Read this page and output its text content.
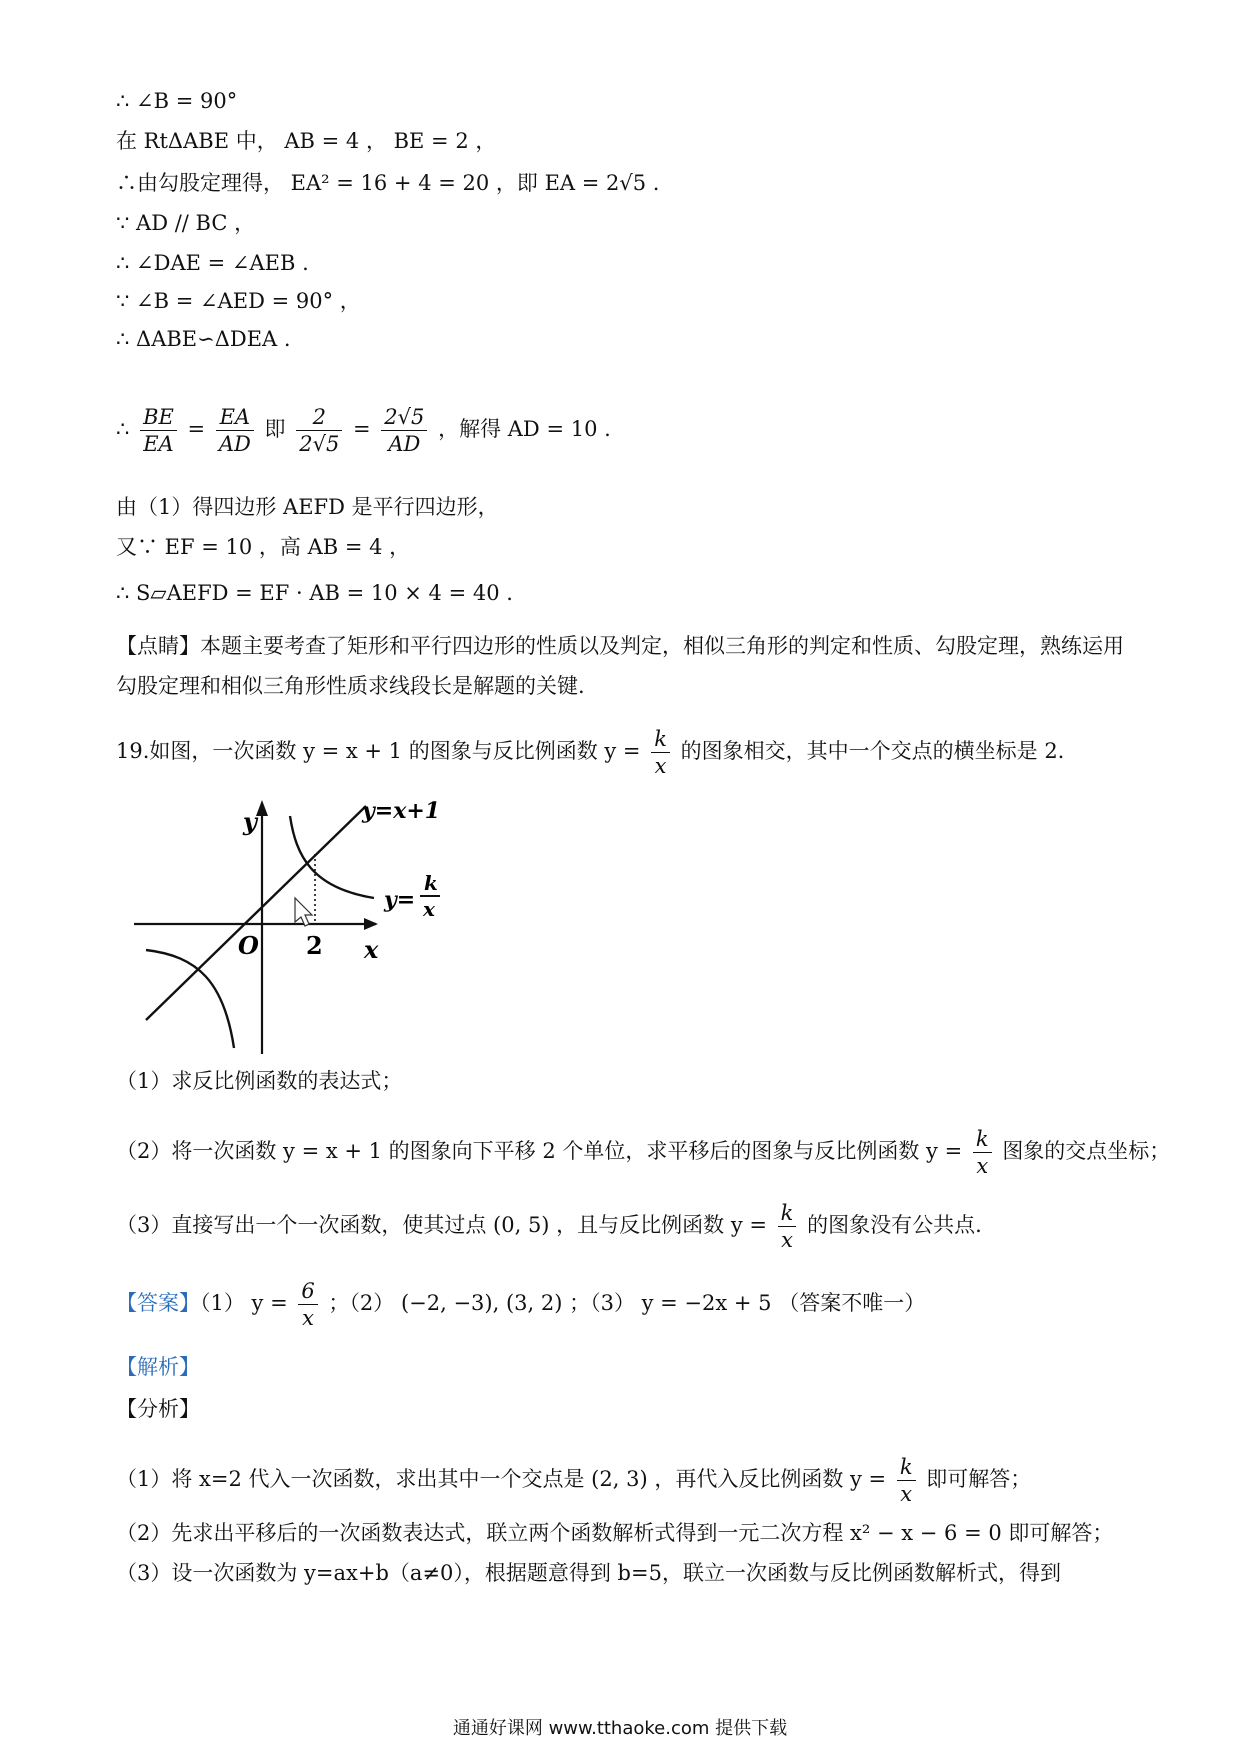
∴ ∠B = 90°
在 RtΔABE 中， AB = 4 ， BE = 2 ，
∴由勾股定理得， EA² = 16 + 4 = 20 ，即 EA = 2√5 .
∵ AD // BC ，
∴ ∠DAE = ∠AEB .
∵ ∠B = ∠AED = 90° ，
∴ ΔABE∽ΔDEA .
∴ $\frac{BE}{EA} = \frac{EA}{AD}$ 即 $\frac{2}{2√5} = \frac{2√5}{AD}$ ，解得 AD = 10 .
由（1）得四边形 AEFD 是平行四边形，
又∵ EF = 10 ，高 AB = 4 ，
∴ S▱AEFD = EF · AB = 10 × 4 = 40 .
【点睛】本题主要考查了矩形和平行四边形的性质以及判定，相似三角形的判定和性质、勾股定理，熟练运用勾股定理和相似三角形性质求线段长是解题的关键.
19.如图，一次函数 y = x + 1 的图象与反比例函数 $y = \frac{k}{x}$ 的图象相交，其中一个交点的横坐标是 2.
y
x
O 2
y=x+1
y=
k
x
（1）求反比例函数的表达式；
（2）将一次函数 y = x + 1 的图象向下平移 2 个单位，求平移后的图象与反比例函数 $y = \frac{k}{x}$ 图象的交点坐标；
（3）直接写出一个一次函数，使其过点 (0, 5) ，且与反比例函数 $y = \frac{k}{x}$ 的图象没有公共点.
【答案】（1） $y = \frac{6}{x}$ ；（2） (−2, −3), (3, 2) ；（3） y = −2x + 5 （答案不唯一）
【解析】
【分析】
（1）将 x=2 代入一次函数，求出其中一个交点是 (2, 3) ，再代入反比例函数 $y = \frac{k}{x}$ 即可解答；
（2）先求出平移后的一次函数表达式，联立两个函数解析式得到一元二次方程 x² − x − 6 = 0 即可解答；
（3）设一次函数为 y=ax+b（a≠0），根据题意得到 b=5，联立一次函数与反比例函数解析式，得到
通通好课网 www.tthaoke.com 提供下载
